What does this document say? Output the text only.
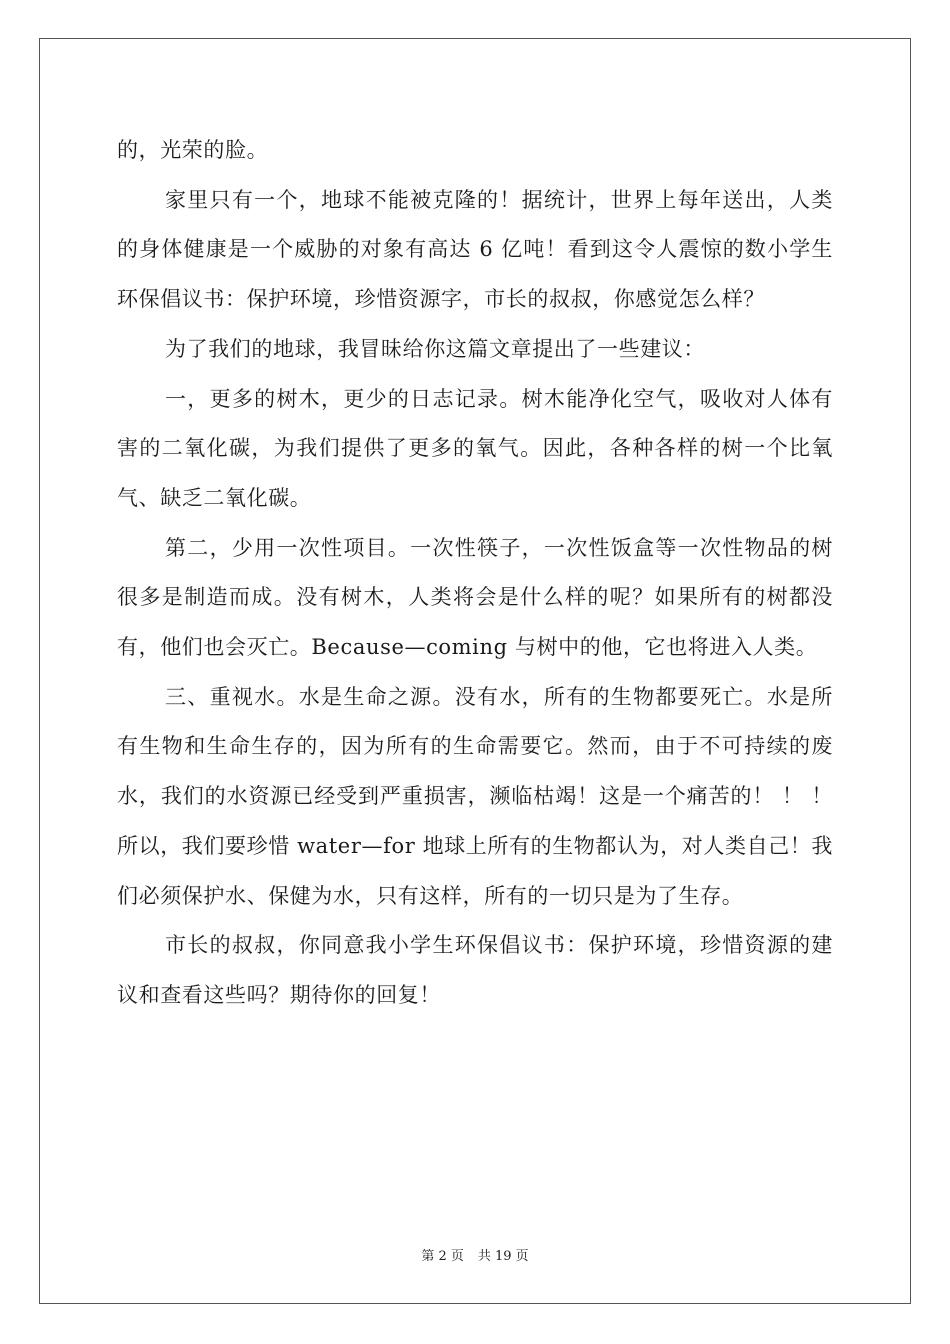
的，光荣的脸。

家里只有一个，地球不能被克隆的！据统计，世界上每年送出，人类的身体健康是一个威胁的对象有高达 6 亿吨！看到这令人震惊的数小学生环保倡议书：保护环境，珍惜资源字，市长的叔叔，你感觉怎么样？

为了我们的地球，我冒昧给你这篇文章提出了一些建议：

一，更多的树木，更少的日志记录。树木能净化空气，吸收对人体有害的二氧化碳，为我们提供了更多的氧气。因此，各种各样的树一个比氧气、缺乏二氧化碳。

第二，少用一次性项目。一次性筷子，一次性饭盒等一次性物品的树很多是制造而成。没有树木，人类将会是什么样的呢？如果所有的树都没有，他们也会灭亡。Because—coming 与树中的他，它也将进入人类。

三、重视水。水是生命之源。没有水，所有的生物都要死亡。水是所有生物和生命生存的，因为所有的生命需要它。然而，由于不可持续的废水，我们的水资源已经受到严重损害，濒临枯竭！这是一个痛苦的！ ！ ！所以，我们要珍惜 water—for 地球上所有的生物都认为，对人类自己！我们必须保护水、保健为水，只有这样，所有的一切只是为了生存。

市长的叔叔，你同意我小学生环保倡议书：保护环境，珍惜资源的建议和查看这些吗？期待你的回复！

第 2 页 共 19 页
